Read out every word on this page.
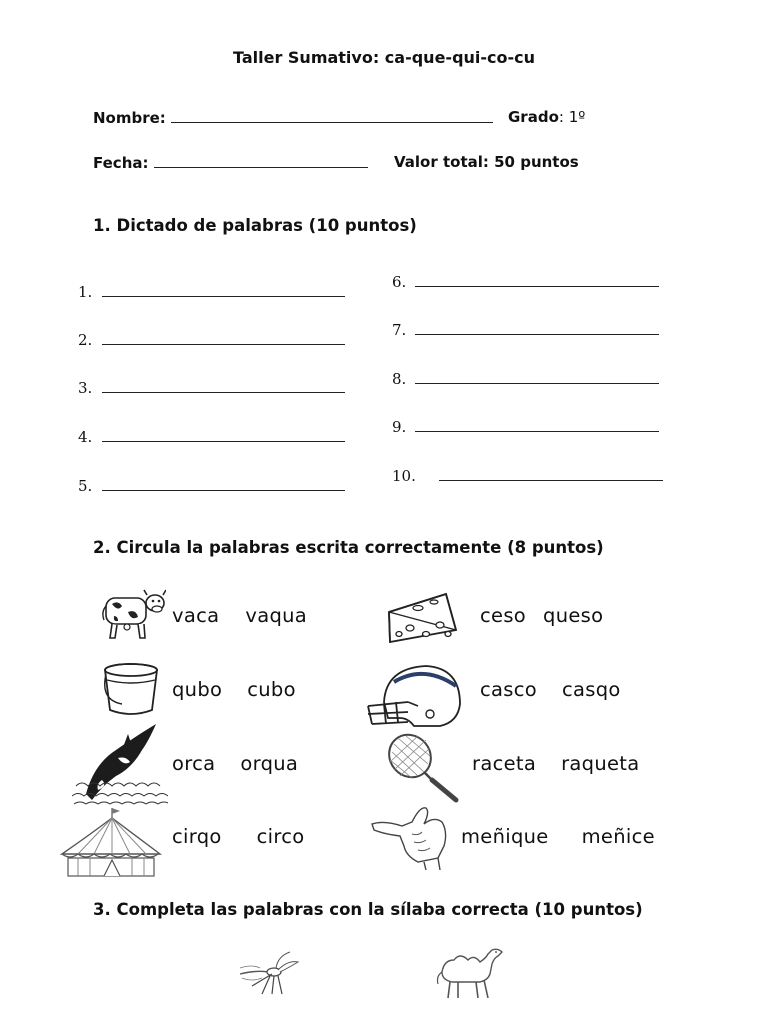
Taller Sumativo: ca-que-qui-co-cu
Nombre:	Grado: 1º
Fecha:	Valor total: 50 puntos
1. Dictado de palabras (10 puntos)
1.
2.
3.
4.
5.
6.
7.
8.
9.
10.
2. Circula la palabras escrita correctamente (8 puntos)
vaca vaqua	ceso queso
qubo cubo	casco casqo
orca orqua	raceta raqueta
cirqo circo	meñique meñice
3. Completa las palabras con la sílaba correcta (10 puntos)
